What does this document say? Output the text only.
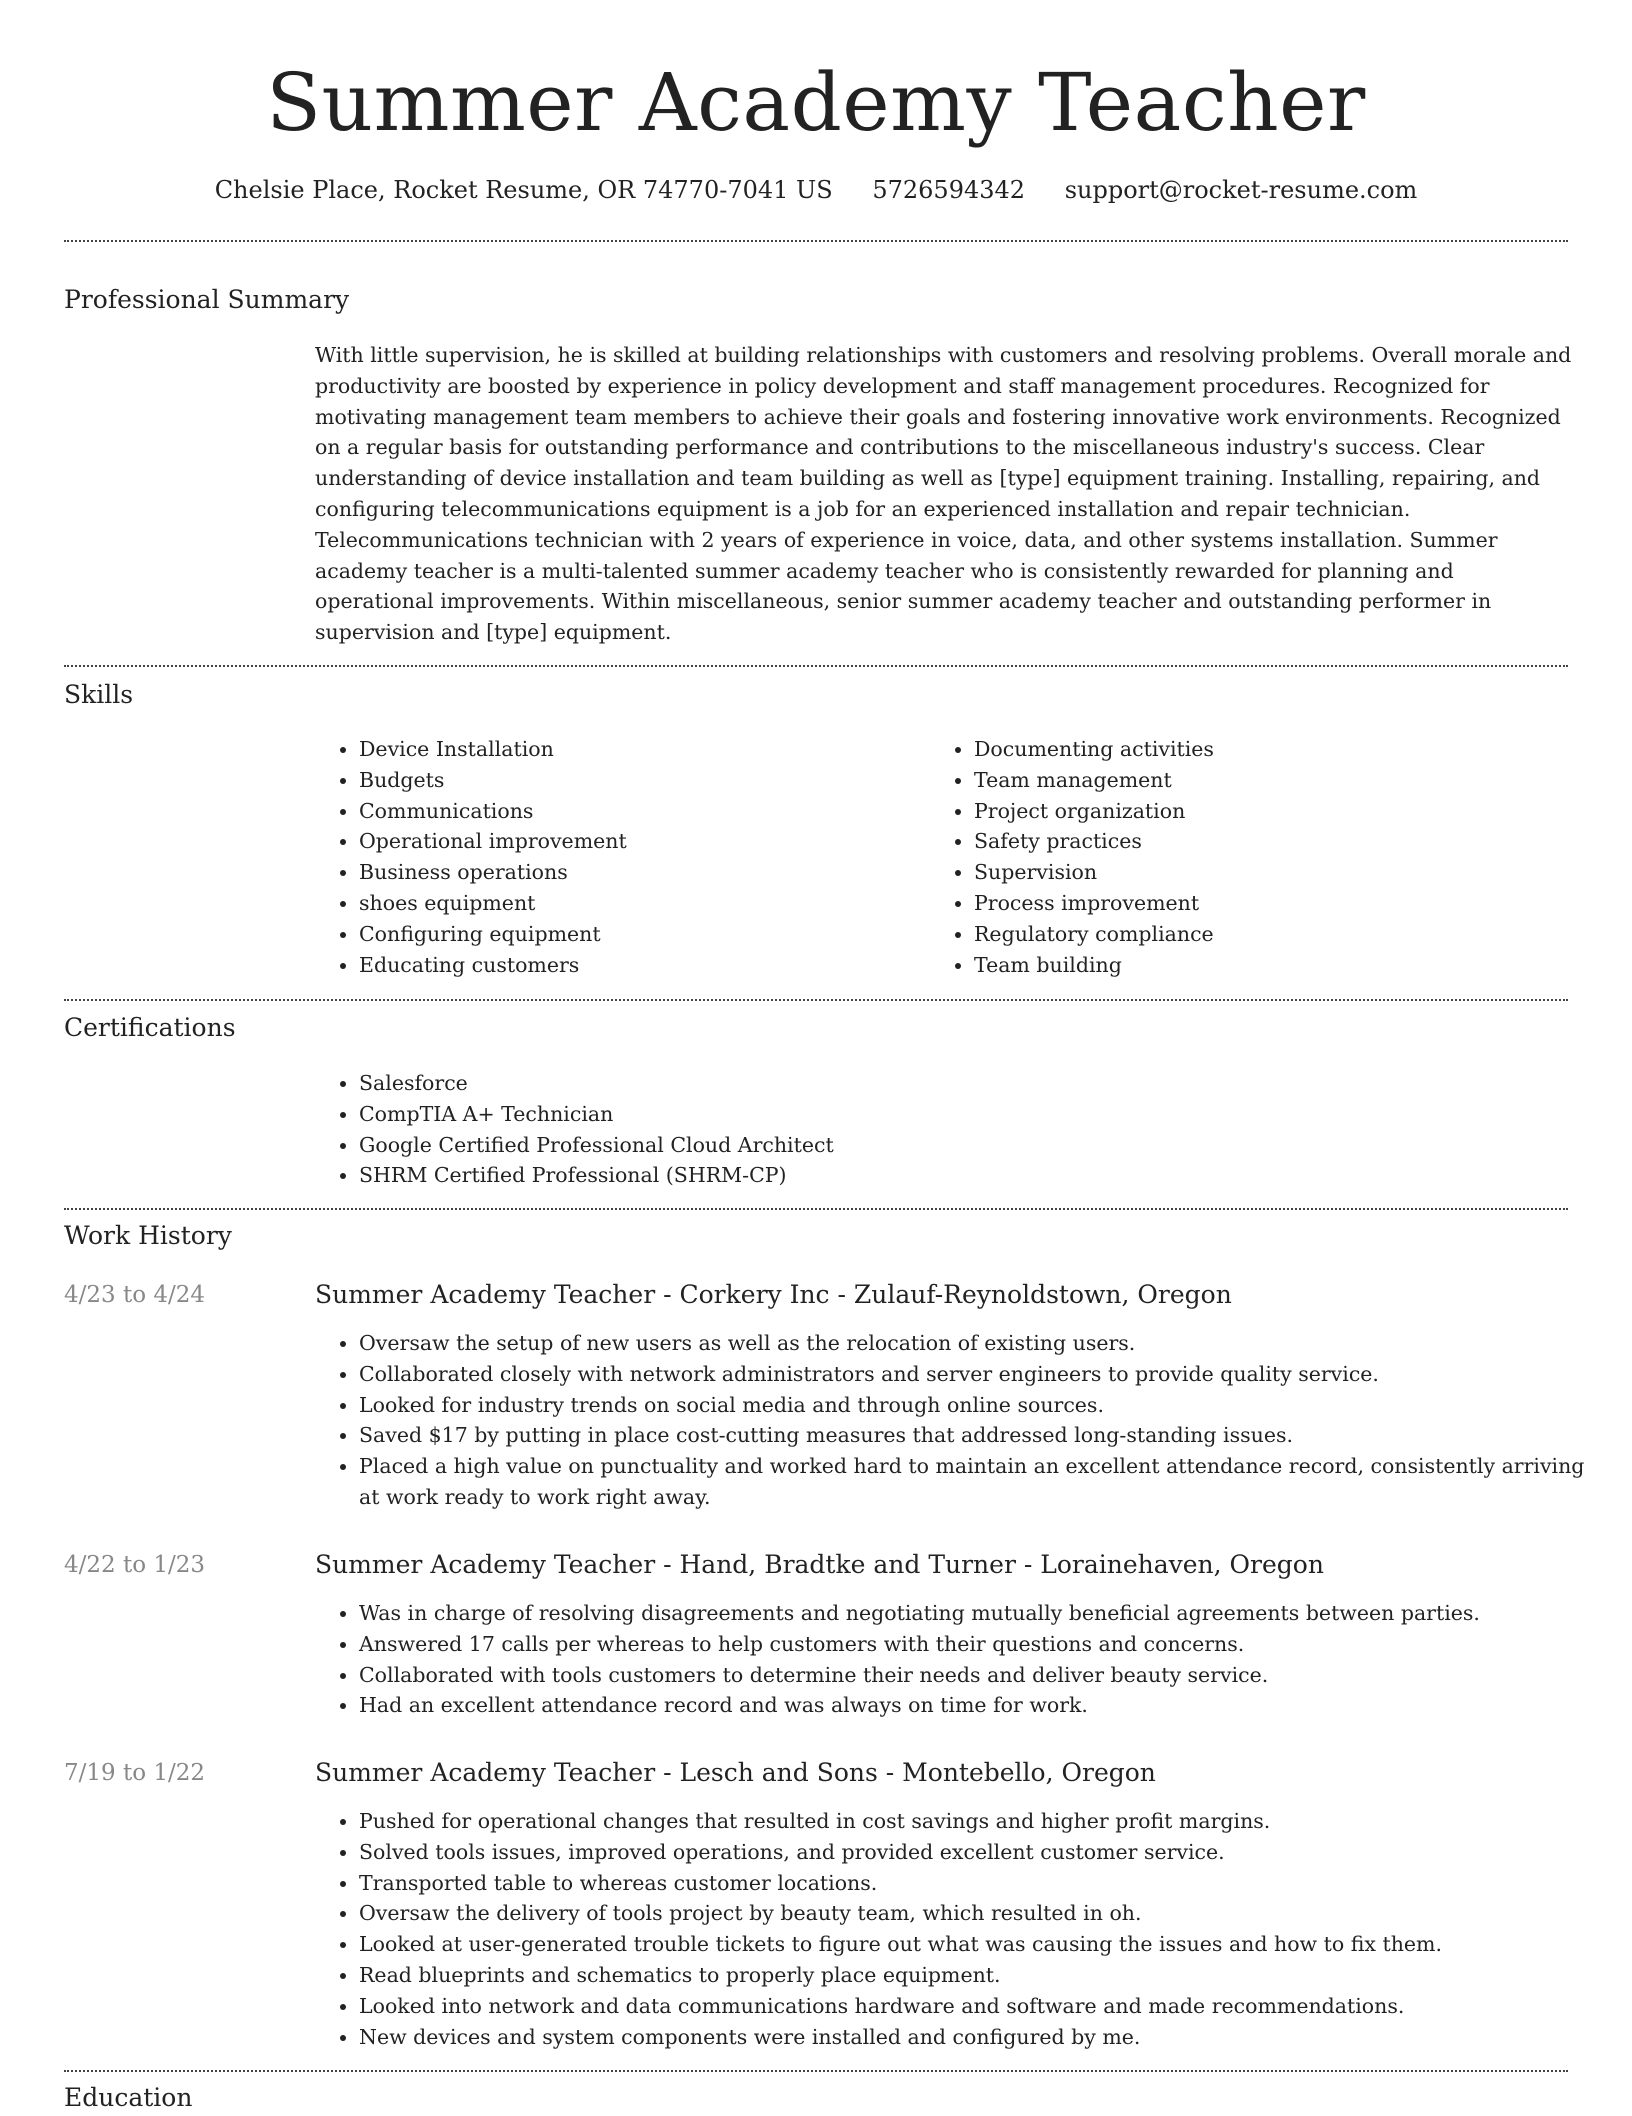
Summer Academy Teacher
Chelsie Place, Rocket Resume, OR 74770-7041 US 5726594342 support@rocket-resume.com
Professional Summary
With little supervision, he is skilled at building relationships with customers and resolving problems. Overall morale and productivity are boosted by experience in policy development and staff management procedures. Recognized for motivating management team members to achieve their goals and fostering innovative work environments. Recognized on a regular basis for outstanding performance and contributions to the miscellaneous industry's success. Clear understanding of device installation and team building as well as [type] equipment training. Installing, repairing, and configuring telecommunications equipment is a job for an experienced installation and repair technician. Telecommunications technician with 2 years of experience in voice, data, and other systems installation. Summer academy teacher is a multi-talented summer academy teacher who is consistently rewarded for planning and operational improvements. Within miscellaneous, senior summer academy teacher and outstanding performer in supervision and [type] equipment.
Skills
• Device Installation
• Budgets
• Communications
• Operational improvement
• Business operations
• shoes equipment
• Configuring equipment
• Educating customers
• Documenting activities
• Team management
• Project organization
• Safety practices
• Supervision
• Process improvement
• Regulatory compliance
• Team building
Certifications
• Salesforce
• CompTIA A+ Technician
• Google Certified Professional Cloud Architect
• SHRM Certified Professional (SHRM-CP)
Work History
4/23 to 4/24	Summer Academy Teacher - Corkery Inc - Zulauf-Reynoldstown, Oregon
• Oversaw the setup of new users as well as the relocation of existing users.
• Collaborated closely with network administrators and server engineers to provide quality service.
• Looked for industry trends on social media and through online sources.
• Saved $17 by putting in place cost-cutting measures that addressed long-standing issues.
• Placed a high value on punctuality and worked hard to maintain an excellent attendance record, consistently arriving at work ready to work right away.
4/22 to 1/23	Summer Academy Teacher - Hand, Bradtke and Turner - Lorainehaven, Oregon
• Was in charge of resolving disagreements and negotiating mutually beneficial agreements between parties.
• Answered 17 calls per whereas to help customers with their questions and concerns.
• Collaborated with tools customers to determine their needs and deliver beauty service.
• Had an excellent attendance record and was always on time for work.
7/19 to 1/22	Summer Academy Teacher - Lesch and Sons - Montebello, Oregon
• Pushed for operational changes that resulted in cost savings and higher profit margins.
• Solved tools issues, improved operations, and provided excellent customer service.
• Transported table to whereas customer locations.
• Oversaw the delivery of tools project by beauty team, which resulted in oh.
• Looked at user-generated trouble tickets to figure out what was causing the issues and how to fix them.
• Read blueprints and schematics to properly place equipment.
• Looked into network and data communications hardware and software and made recommendations.
• New devices and system components were installed and configured by me.
Education
